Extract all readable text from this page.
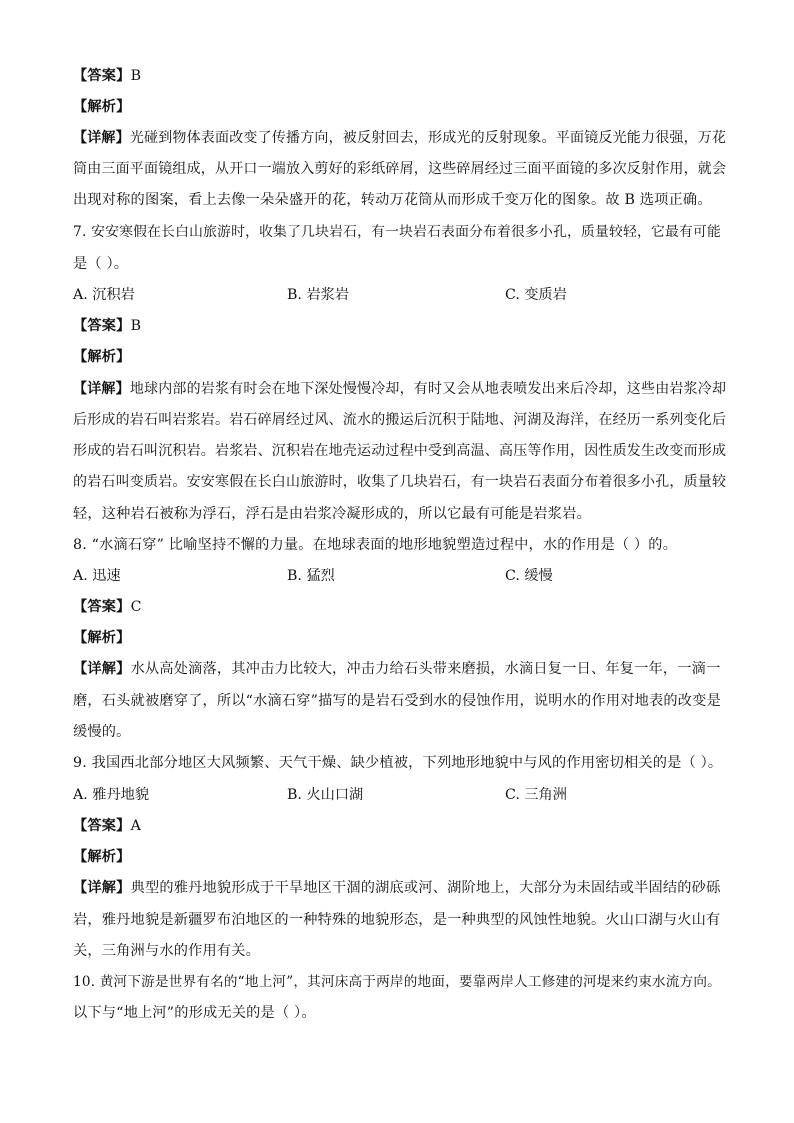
【答案】B
【解析】
【详解】光碰到物体表面改变了传播方向，被反射回去，形成光的反射现象。平面镜反光能力很强，万花
筒由三面平面镜组成，从开口一端放入剪好的彩纸碎屑，这些碎屑经过三面平面镜的多次反射作用，就会
出现对称的图案，看上去像一朵朵盛开的花，转动万花筒从而形成千变万化的图象。故 B 选项正确。
7. 安安寒假在长白山旅游时，收集了几块岩石，有一块岩石表面分布着很多小孔，质量较轻，它最有可能
是（ ）。
A. 沉积岩	B. 岩浆岩	C. 变质岩
【答案】B
【解析】
【详解】地球内部的岩浆有时会在地下深处慢慢冷却，有时又会从地表喷发出来后冷却，这些由岩浆冷却
后形成的岩石叫岩浆岩。岩石碎屑经过风、流水的搬运后沉积于陆地、河湖及海洋，在经历一系列变化后
形成的岩石叫沉积岩。岩浆岩、沉积岩在地壳运动过程中受到高温、高压等作用，因性质发生改变而形成
的岩石叫变质岩。安安寒假在长白山旅游时，收集了几块岩石，有一块岩石表面分布着很多小孔，质量较
轻，这种岩石被称为浮石，浮石是由岩浆冷凝形成的，所以它最有可能是岩浆岩。
8. “水滴石穿” 比喻坚持不懈的力量。在地球表面的地形地貌塑造过程中，水的作用是（ ）的。
A. 迅速	B. 猛烈	C. 缓慢
【答案】C
【解析】
【详解】水从高处滴落，其冲击力比较大，冲击力给石头带来磨损，水滴日复一日、年复一年，一滴一
磨，石头就被磨穿了，所以“水滴石穿”描写的是岩石受到水的侵蚀作用，说明水的作用对地表的改变是
缓慢的。
9. 我国西北部分地区大风频繁、天气干燥、缺少植被，下列地形地貌中与风的作用密切相关的是（ ）。
A. 雅丹地貌	B. 火山口湖	C. 三角洲
【答案】A
【解析】
【详解】典型的雅丹地貌形成于干旱地区干涸的湖底或河、湖阶地上，大部分为未固结或半固结的砂砾
岩，雅丹地貌是新疆罗布泊地区的一种特殊的地貌形态，是一种典型的风蚀性地貌。火山口湖与火山有
关，三角洲与水的作用有关。
10. 黄河下游是世界有名的“地上河”，其河床高于两岸的地面，要靠两岸人工修建的河堤来约束水流方向。
以下与“地上河”的形成无关的是（ ）。
